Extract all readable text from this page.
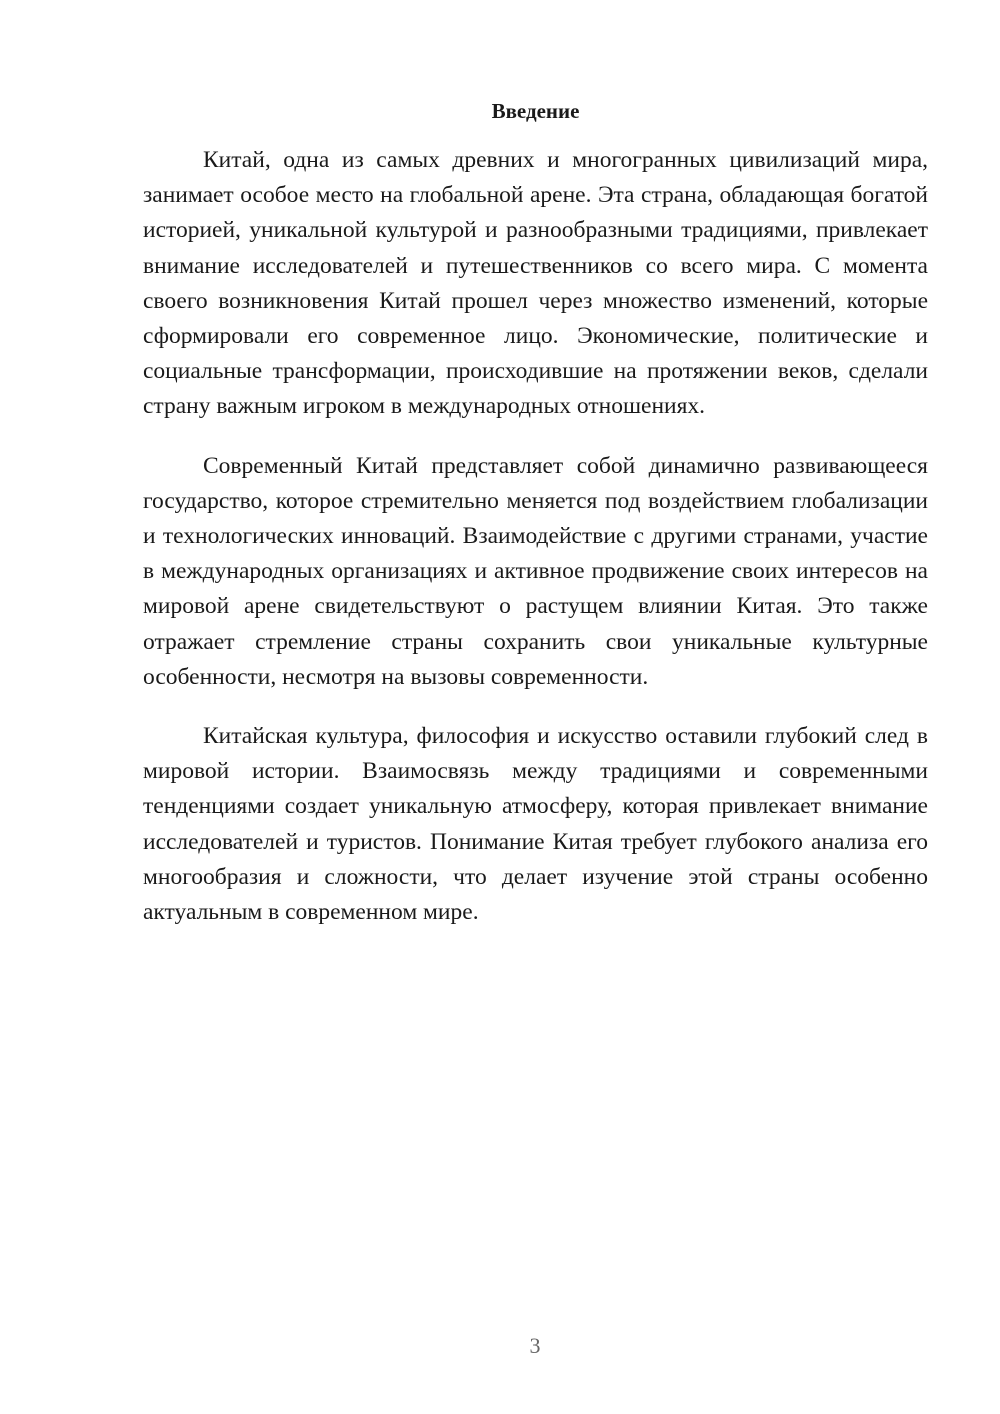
Введение

Китай, одна из самых древних и многогранных цивилизаций мира, занимает особое место на глобальной арене. Эта страна, обладающая богатой историей, уникальной культурой и разнообразными традициями, привлекает внимание исследователей и путешественников со всего мира. С момента своего возникновения Китай прошел через множество изменений, которые сформировали его современное лицо. Экономические, политические и социальные трансформации, происходившие на протяжении веков, сделали страну важным игроком в международных отношениях.

Современный Китай представляет собой динамично развивающееся государство, которое стремительно меняется под воздействием глобализации и технологических инноваций. Взаимодействие с другими странами, участие в международных организациях и активное продвижение своих интересов на мировой арене свидетельствуют о растущем влиянии Китая. Это также отражает стремление страны сохранить свои уникальные культурные особенности, несмотря на вызовы современности.

Китайская культура, философия и искусство оставили глубокий след в мировой истории. Взаимосвязь между традициями и современными тенденциями создает уникальную атмосферу, которая привлекает внимание исследователей и туристов. Понимание Китая требует глубокого анализа его многообразия и сложности, что делает изучение этой страны особенно актуальным в современном мире.

3
